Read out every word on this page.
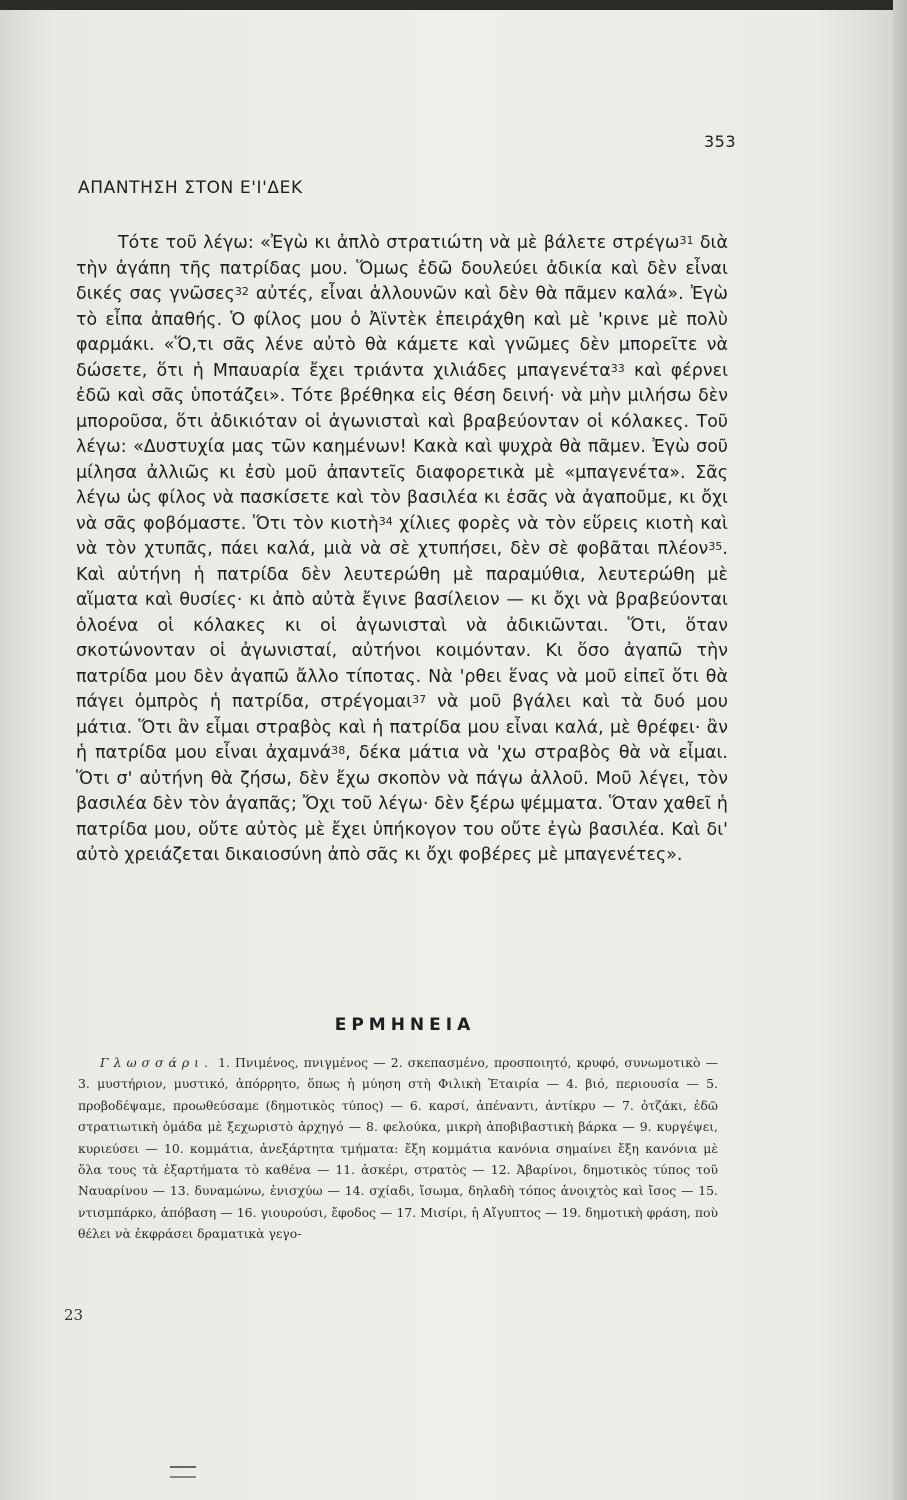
353
ΑΠΑΝΤΗΣΗ ΣΤΟΝ Ε'Ι'ΔΕΚ

Τότε τοῦ λέγω: «Ἐγὼ κι ἀπλὸ στρατιώτη νὰ μὲ βάλετε στρέγω$^{31}$ διὰ τὴν ἀγάπη τῆς πατρίδας μου. Ὅμως ἐδῶ δουλεύει ἀδικία καὶ δὲν εἶναι δικές σας γνῶσες$^{32}$ αὐτές, εἶναι ἀλλουνῶν καὶ δὲν θὰ πᾶμεν καλά». Ἐγὼ τὸ εἶπα ἀπαθής. Ὁ φίλος μου ὁ Ἀϊντὲκ ἐπειράχθη καὶ μὲ 'κρινε μὲ πολὺ φαρμάκι. «Ὅ,τι σᾶς λένε αὐτὸ θὰ κάμετε καὶ γνῶμες δὲν μπορεῖτε νὰ δώσετε, ὅτι ἡ Μπαυαρία ἔχει τριάντα χιλιάδες μπαγενέτα$^{33}$ καὶ φέρνει ἐδῶ καὶ σᾶς ὑποτάζει». Τότε βρέθηκα εἰς θέση δεινή· νὰ μὴν μιλήσω δὲν μποροῦσα, ὅτι ἀδικιόταν οἱ ἀγωνισταὶ καὶ βραβεύονταν οἱ κόλακες. Τοῦ λέγω: «Δυστυχία μας τῶν καημένων! Κακὰ καὶ ψυχρὰ θὰ πᾶμεν. Ἐγὼ σοῦ μίλησα ἀλλιῶς κι ἐσὺ μοῦ ἀπαντεῖς διαφορετικὰ μὲ «μπαγενέτα». Σᾶς λέγω ὡς φίλος νὰ πασκίσετε καὶ τὸν βασιλέα κι ἐσᾶς νὰ ἀγαποῦμε, κι ὄχι νὰ σᾶς φοβόμαστε. Ὅτι τὸν κιοτὴ$^{34}$ χίλιες φορὲς νὰ τὸν εὕρεις κιοτὴ καὶ νὰ τὸν χτυπᾶς, πάει καλά, μιὰ νὰ σὲ χτυπήσει, δὲν σὲ φοβᾶται πλέον$^{35}$. Καὶ αὐτήνη ἡ πατρίδα δὲν λευτερώθη μὲ παραμύθια, λευτερώθη μὲ αἵματα καὶ θυσίες· κι ἀπὸ αὐτὰ ἔγινε βασίλειον — κι ὄχι νὰ βραβεύονται ὁλοένα οἱ κόλακες κι οἱ ἀγωνισταὶ νὰ ἀδικιῶνται. Ὅτι, ὅταν σκοτώνονταν οἱ ἀγωνισταί, αὐτήνοι κοιμόνταν. Κι ὅσο ἀγαπῶ τὴν πατρίδα μου δὲν ἀγαπῶ ἄλλο τίποτας. Νὰ 'ρθει ἕνας νὰ μοῦ εἰπεῖ ὅτι θὰ πάγει ὀμπρὸς ἡ πατρίδα, στρέγομαι$^{37}$ νὰ μοῦ βγάλει καὶ τὰ δυό μου μάτια. Ὅτι ἂν εἶμαι στραβὸς καὶ ἡ πατρίδα μου εἶναι καλά, μὲ θρέφει· ἂν ἡ πατρίδα μου εἶναι ἀχαμνά$^{38}$, δέκα μάτια νὰ 'χω στραβὸς θὰ νὰ εἶμαι. Ὅτι σ' αὐτήνη θὰ ζήσω, δὲν ἔχω σκοπὸν νὰ πάγω ἀλλοῦ. Μοῦ λέγει, τὸν βασιλέα δὲν τὸν ἀγαπᾶς; Ὄχι τοῦ λέγω· δὲν ξέρω ψέμματα. Ὅταν χαθεῖ ἡ πατρίδα μου, οὔτε αὐτὸς μὲ ἔχει ὑπήκογον του οὔτε ἐγὼ βασιλέα. Καὶ δι' αὐτὸ χρειάζεται δικαιοσύνη ἀπὸ σᾶς κι ὄχι φοβέρες μὲ μπαγενέτες».

ΕΡΜΗΝΕΙΑ

Γλωσσάρι. 1. Πνιμένος, πνιγμένος — 2. σκεπασμένο, προσποιητό, κρυφό, συνωμοτικὸ — 3. μυστήριον, μυστικό, ἀπόρρητο, ὅπως ἡ μύηση στὴ Φιλικὴ Ἑταιρία — 4. βιό, περιουσία — 5. προβοδέψαμε, προωθεύσαμε (δημοτικὸς τύπος) — 6. καρσί, ἀπέναντι, ἀντίκρυ — 7. ὀτζάκι, ἐδῶ στρατιωτικὴ ὁμάδα μὲ ξεχωριστὸ ἀρχηγό — 8. φελούκα, μικρὴ ἀποβιβαστικὴ βάρκα — 9. κυργέψει, κυριεύσει — 10. κομμάτια, ἀνεξάρτητα τμήματα: ἔξη κομμάτια κανόνια σημαίνει ἔξη κανόνια μὲ ὅλα τους τὰ ἐξαρτήματα τὸ καθένα — 11. ἀσκέρι, στρατὸς — 12. Ἀβαρίνοι, δημοτικὸς τύπος τοῦ Ναυαρίνου — 13. δυναμώνω, ἐνισχύω — 14. σχίαδι, ἴσωμα, δηλαδὴ τόπος ἀνοιχτὸς καὶ ἴσος — 15. ντισμπάρκο, ἀπόβαση — 16. γιουρούσι, ἔφοδος — 17. Μισίρι, ἡ Αἴγυπτος — 19. δημοτικὴ φράση, ποὺ θέλει νὰ ἐκφράσει δραματικὰ γεγο-

23
